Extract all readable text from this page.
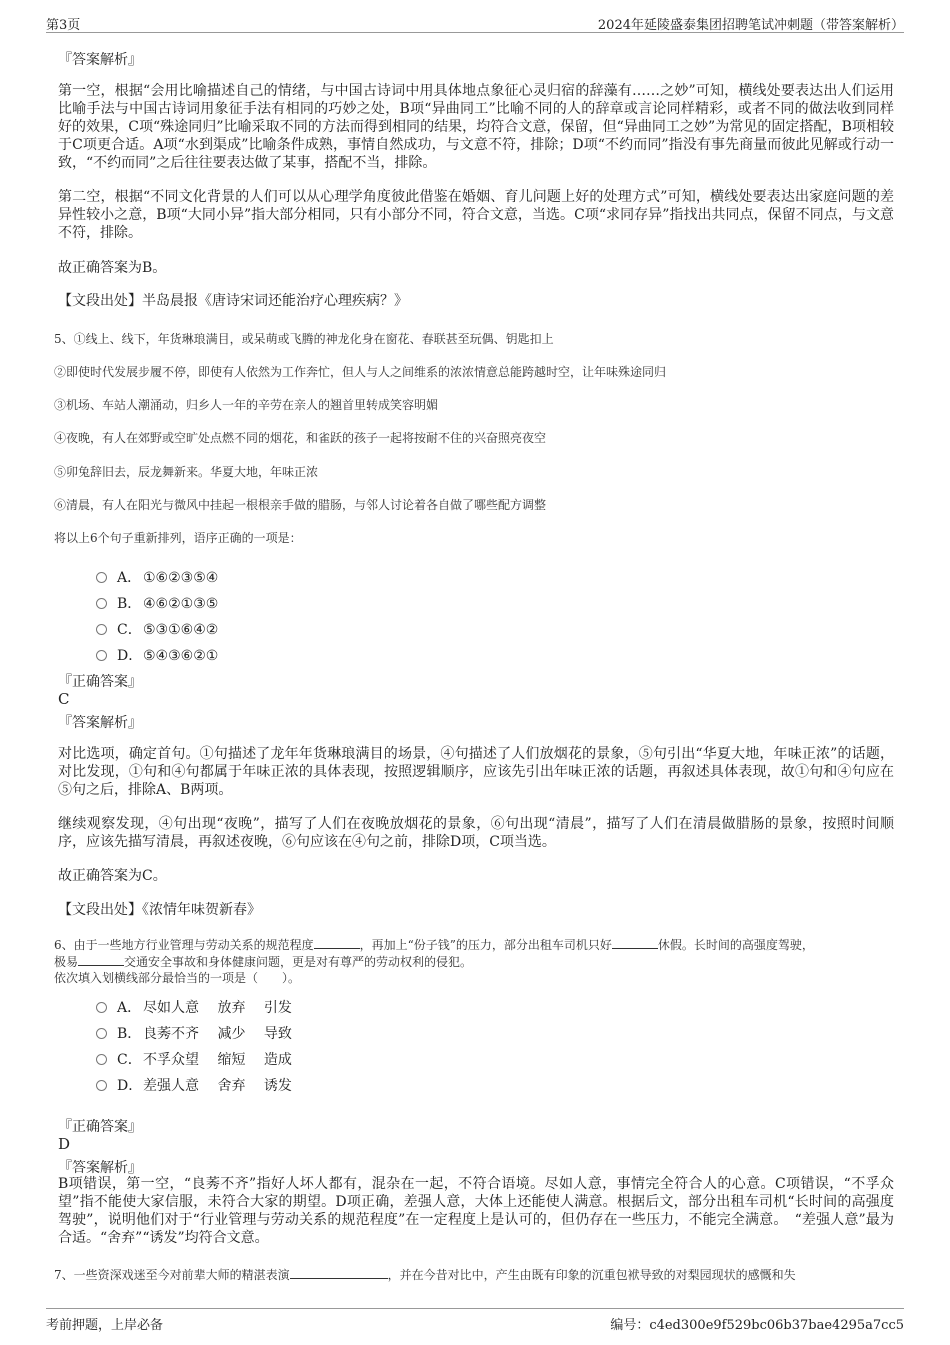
第3页	2024年延陵盛泰集团招聘笔试冲刺题（带答案解析）
『答案解析』
第一空，根据“会用比喻描述自己的情绪，与中国古诗词中用具体地点象征心灵归宿的辞藻有……之妙”可知，横线处要表达出人们运用比喻手法与中国古诗词用象征手法有相同的巧妙之处，B项“异曲同工”比喻不同的人的辞章或言论同样精彩，或者不同的做法收到同样好的效果，C项“殊途同归”比喻采取不同的方法而得到相同的结果，均符合文意，保留，但“异曲同工之妙”为常见的固定搭配，B项相较于C项更合适。A项“水到渠成”比喻条件成熟，事情自然成功，与文意不符，排除；D项“不约而同”指没有事先商量而彼此见解或行动一致，“不约而同”之后往往要表达做了某事，搭配不当，排除。
第二空，根据“不同文化背景的人们可以从心理学角度彼此借鉴在婚姻、育儿问题上好的处理方式”可知，横线处要表达出家庭问题的差异性较小之意，B项“大同小异”指大部分相同，只有小部分不同，符合文意，当选。C项“求同存异”指找出共同点，保留不同点，与文意不符，排除。
故正确答案为B。
【文段出处】半岛晨报《唐诗宋词还能治疗心理疾病？》
5、①线上、线下，年货琳琅满目，或呆萌或飞腾的神龙化身在窗花、春联甚至玩偶、钥匙扣上
②即使时代发展步履不停，即使有人依然为工作奔忙，但人与人之间维系的浓浓情意总能跨越时空，让年味殊途同归
③机场、车站人潮涌动，归乡人一年的辛劳在亲人的翘首里转成笑容明媚
④夜晚，有人在郊野或空旷处点燃不同的烟花，和雀跃的孩子一起将按耐不住的兴奋照亮夜空
⑤卯兔辞旧去，辰龙舞新来。华夏大地，年味正浓
⑥清晨，有人在阳光与微风中挂起一根根亲手做的腊肠，与邻人讨论着各自做了哪些配方调整
将以上6个句子重新排列，语序正确的一项是：
A． ①⑥②③⑤④
B． ④⑥②①③⑤
C．⑤③①⑥④②
D．⑤④③⑥②①
『正确答案』
C
『答案解析』
对比选项，确定首句。①句描述了龙年年货琳琅满目的场景，④句描述了人们放烟花的景象，⑤句引出“华夏大地，年味正浓”的话题，对比发现，①句和④句都属于年味正浓的具体表现，按照逻辑顺序，应该先引出年味正浓的话题，再叙述具体表现，故①句和④句应在⑤句之后，排除A、B两项。
继续观察发现，④句出现“夜晚”，描写了人们在夜晚放烟花的景象，⑥句出现“清晨”，描写了人们在清晨做腊肠的景象，按照时间顺序，应该先描写清晨，再叙述夜晚，⑥句应该在④句之前，排除D项，C项当选。
故正确答案为C。
【文段出处】《浓情年味贺新春》
6、由于一些地方行业管理与劳动关系的规范程度	，再加上“份子钱”的压力，部分出租车司机只好	休假。长时间的高强度驾驶，
极易	交通安全事故和身体健康问题，更是对有尊严的劳动权利的侵犯。
依次填入划横线部分最恰当的一项是（　　）。
A． 尽如人意　 放弃　 引发
B． 良莠不齐　 减少　 导致
C．不孚众望　 缩短　 造成
D．差强人意　 舍弃　 诱发
『正确答案』
D
『答案解析』
B项错误，第一空，“良莠不齐”指好人坏人都有，混杂在一起，不符合语境。尽如人意，事情完全符合人的心意。C项错误，“不孚众望”指不能使大家信服，未符合大家的期望。D项正确，差强人意，大体上还能使人满意。根据后文，部分出租车司机“长时间的高强度驾驶”，说明他们对于“行业管理与劳动关系的规范程度”在一定程度上是认可的，但仍存在一些压力，不能完全满意。　“差强人意”最为合适。“舍弃”“诱发”均符合文意。
7、一些资深戏迷至今对前辈大师的精湛表演	，并在今昔对比中，产生由既有印象的沉重包袱导致的对梨园现状的感慨和失
考前押题，上岸必备	编号：c4ed300e9f529bc06b37bae4295a7cc5
